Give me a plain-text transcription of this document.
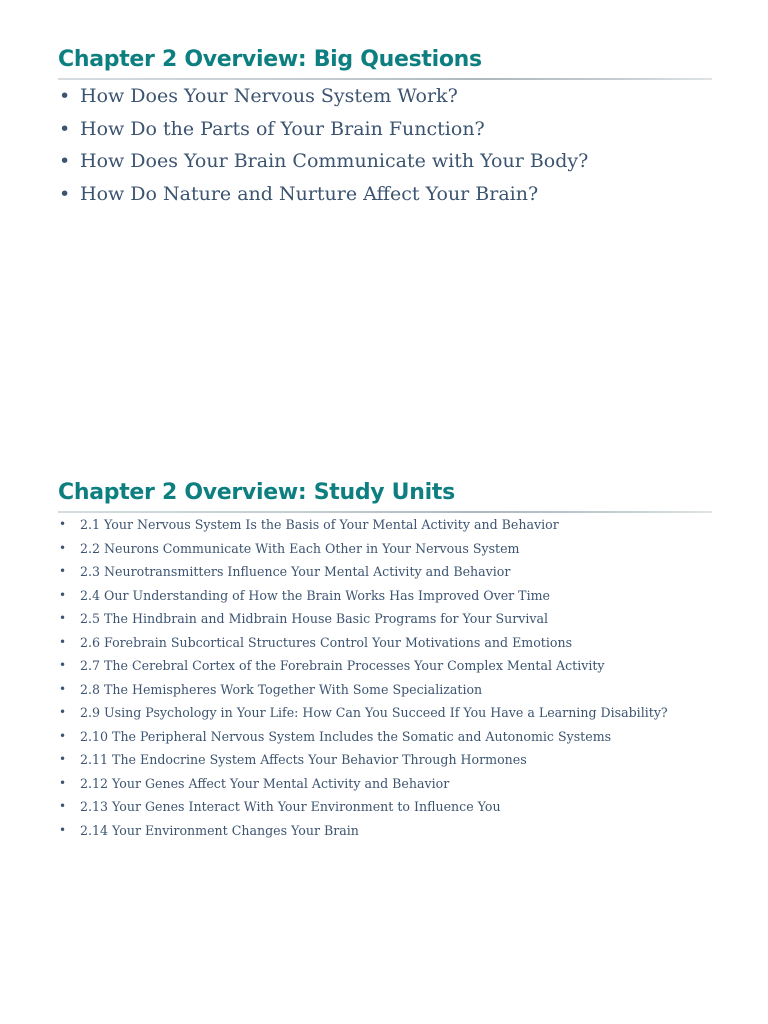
Chapter 2 Overview: Big Questions
• How Does Your Nervous System Work?
• How Do the Parts of Your Brain Function?
• How Does Your Brain Communicate with Your Body?
• How Do Nature and Nurture Affect Your Brain?
Chapter 2 Overview: Study Units
• 2.1 Your Nervous System Is the Basis of Your Mental Activity and Behavior
• 2.2 Neurons Communicate With Each Other in Your Nervous System
• 2.3 Neurotransmitters Influence Your Mental Activity and Behavior
• 2.4 Our Understanding of How the Brain Works Has Improved Over Time
• 2.5 The Hindbrain and Midbrain House Basic Programs for Your Survival
• 2.6 Forebrain Subcortical Structures Control Your Motivations and Emotions
• 2.7 The Cerebral Cortex of the Forebrain Processes Your Complex Mental Activity
• 2.8 The Hemispheres Work Together With Some Specialization
• 2.9 Using Psychology in Your Life: How Can You Succeed If You Have a Learning Disability?
• 2.10 The Peripheral Nervous System Includes the Somatic and Autonomic Systems
• 2.11 The Endocrine System Affects Your Behavior Through Hormones
• 2.12 Your Genes Affect Your Mental Activity and Behavior
• 2.13 Your Genes Interact With Your Environment to Influence You
• 2.14 Your Environment Changes Your Brain
